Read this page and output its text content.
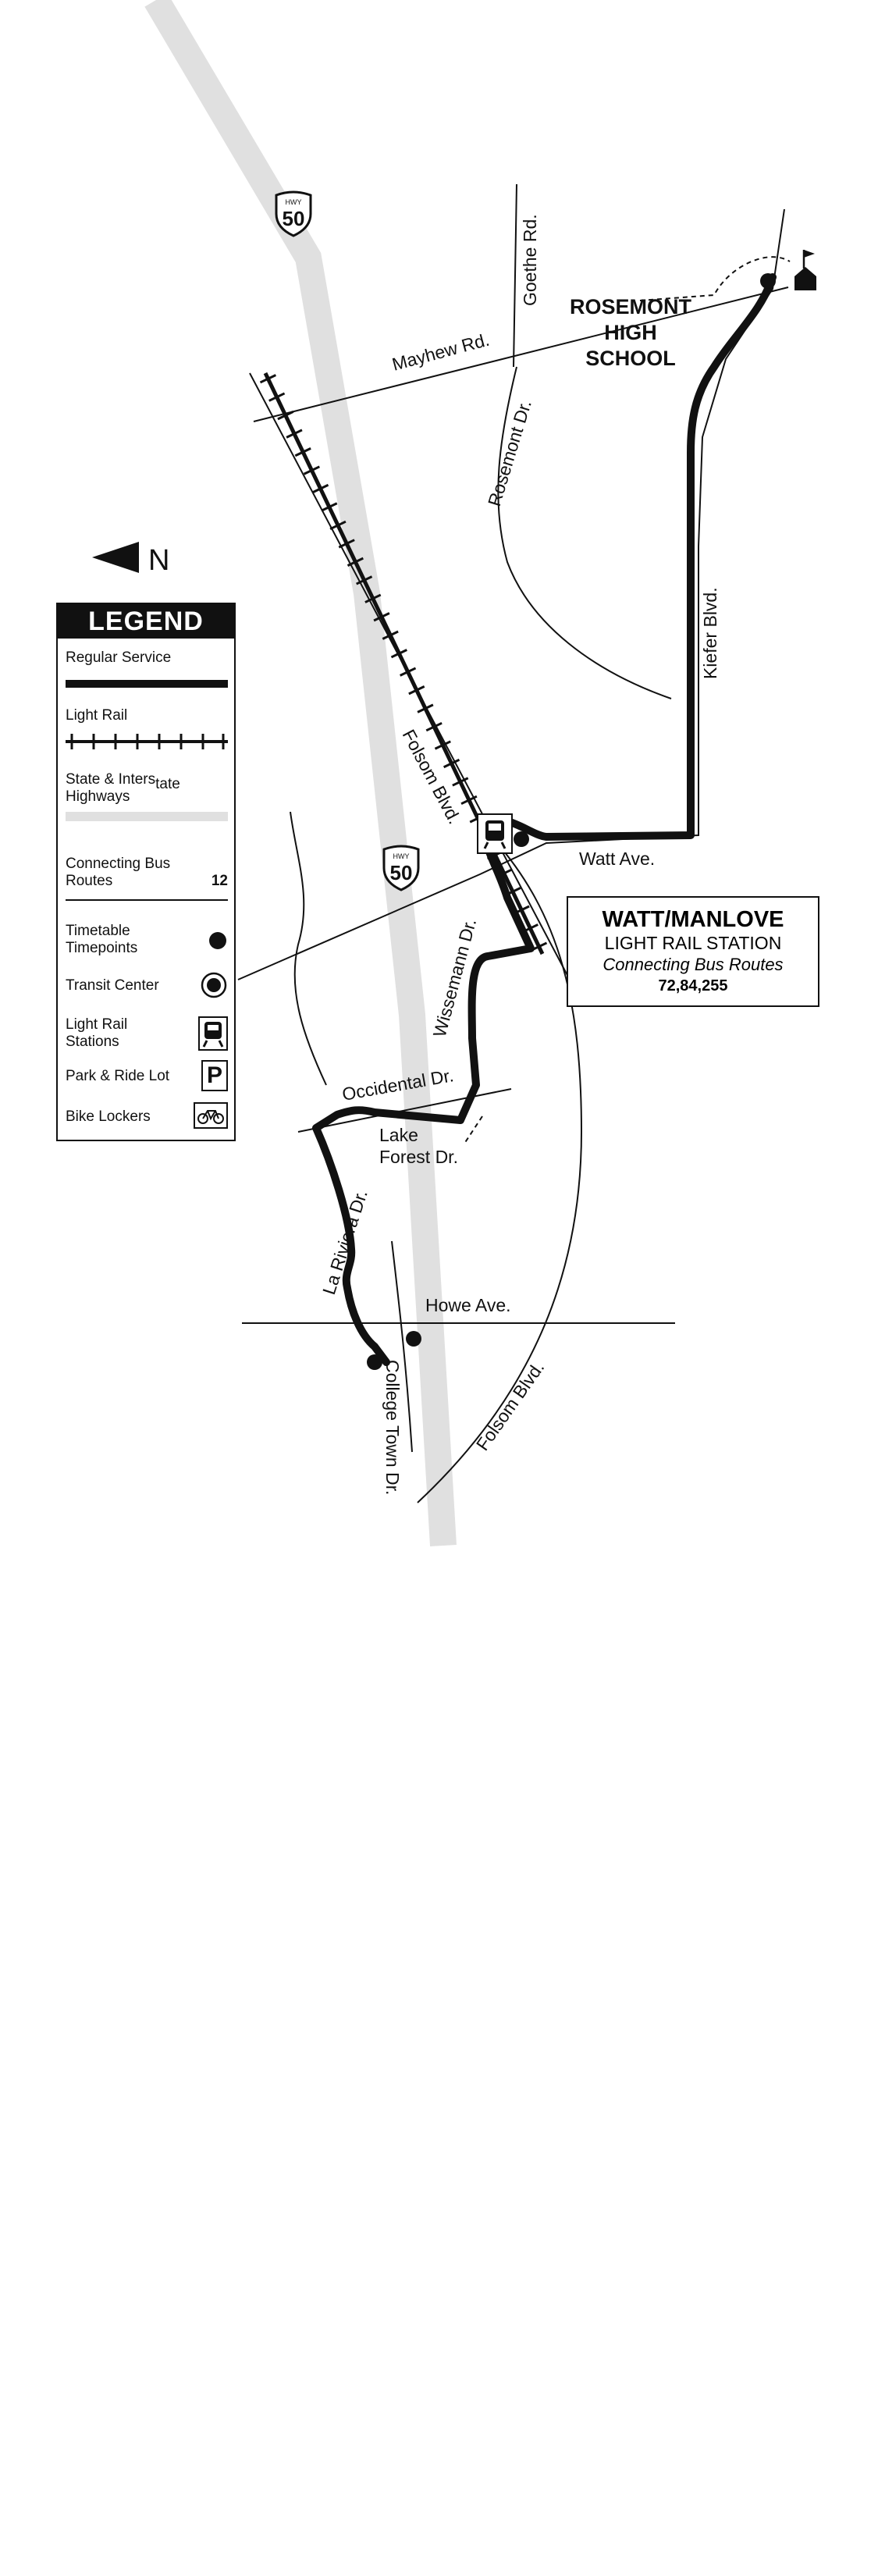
HWY
50
HWY
50
Mayhew Rd.
Goethe Rd.
Rosemont Dr.
Kiefer Blvd.
Folsom Blvd.
Watt Ave.
Wissemann Dr.
Occidental Dr.
Lake
Forest Dr.
La Riviera Dr.
Howe Ave.
College Town Dr.	Folsom Blvd.
ROSEMONT
HIGH
SCHOOL
N
LEGEND
Regular Service
Light Rail
State & Interstate
Highways
Connecting Bus
Routes	12
Timetable
Timepoints
Transit Center
Light Rail
Stations
Park & Ride Lot	P
Bike Lockers
WATT/MANLOVE
LIGHT RAIL STATION
Connecting Bus Routes
72,84,255
